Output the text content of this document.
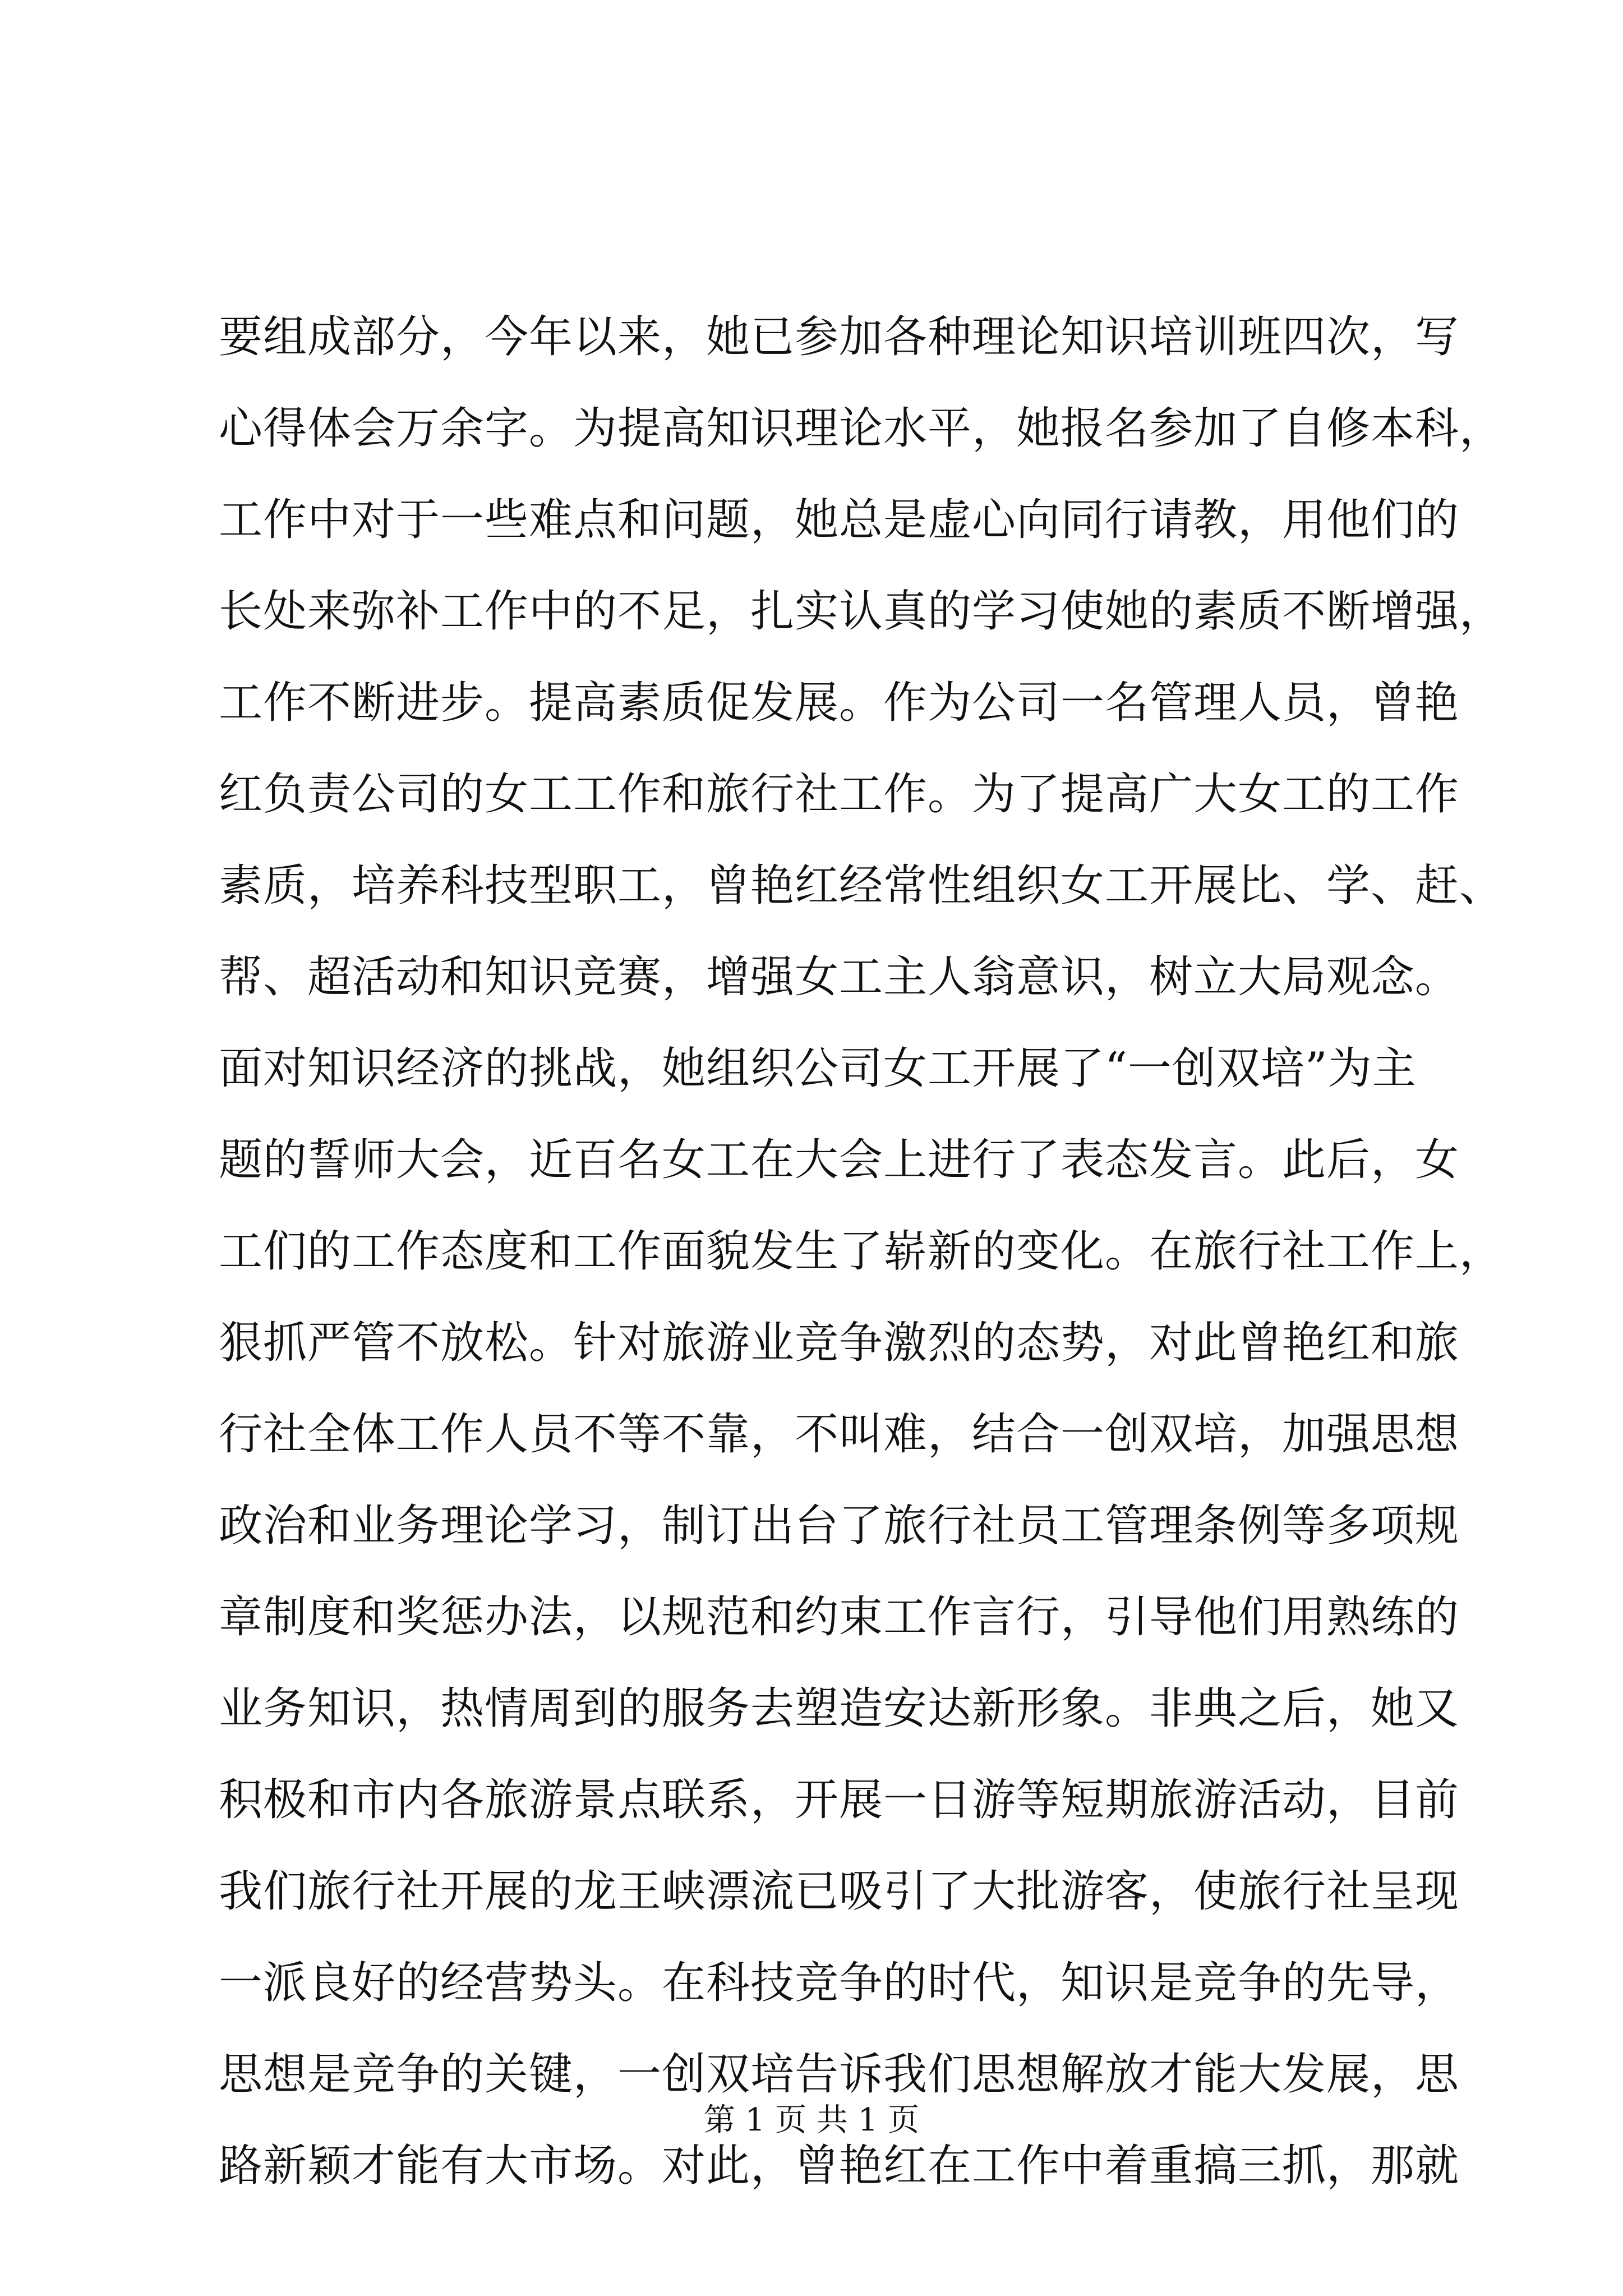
要组成部分，今年以来，她已参加各种理论知识培训班四次，写
心得体会万余字。为提高知识理论水平，她报名参加了自修本科，
工作中对于一些难点和问题，她总是虚心向同行请教，用他们的
长处来弥补工作中的不足，扎实认真的学习使她的素质不断增强，
工作不断进步。提高素质促发展。作为公司一名管理人员，曾艳
红负责公司的女工工作和旅行社工作。为了提高广大女工的工作
素质，培养科技型职工，曾艳红经常性组织女工开展比、学、赶、
帮、超活动和知识竞赛，增强女工主人翁意识，树立大局观念。
面对知识经济的挑战，她组织公司女工开展了“一创双培”为主
题的誓师大会，近百名女工在大会上进行了表态发言。此后，女
工们的工作态度和工作面貌发生了崭新的变化。在旅行社工作上，
狠抓严管不放松。针对旅游业竞争激烈的态势，对此曾艳红和旅
行社全体工作人员不等不靠，不叫难，结合一创双培，加强思想
政治和业务理论学习，制订出台了旅行社员工管理条例等多项规
章制度和奖惩办法，以规范和约束工作言行，引导他们用熟练的
业务知识，热情周到的服务去塑造安达新形象。非典之后，她又
积极和市内各旅游景点联系，开展一日游等短期旅游活动，目前
我们旅行社开展的龙王峡漂流已吸引了大批游客，使旅行社呈现
一派良好的经营势头。在科技竞争的时代，知识是竞争的先导，
思想是竞争的关键，一创双培告诉我们思想解放才能大发展，思
路新颖才能有大市场。对此，曾艳红在工作中着重搞三抓，那就
第 1 页 共 1 页
